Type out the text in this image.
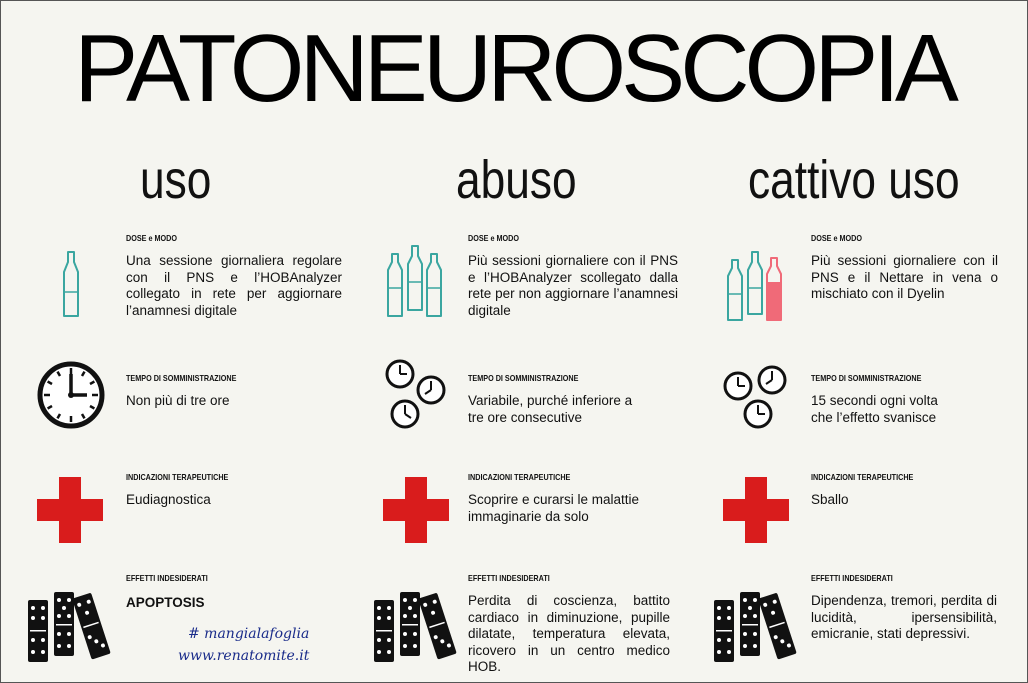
PATONEUROSCOPIA
uso	abuso	cattivo uso
DOSE e MODO
Una sessione giornaliera regolare con il PNS e l’HOBAnalyzer collegato in rete per aggiornare l’anamnesi digitale
TEMPO DI SOMMINISTRAZIONE
Non più di tre ore
INDICAZIONI TERAPEUTICHE
Eudiagnostica
EFFETTI INDESIDERATI
APOPTOSIS
# mangialafoglia
www.renatomite.it
DOSE e MODO
Più sessioni giornaliere con il PNS e l’HOBAnalyzer scollegato dalla rete per non aggiornare l’anamnesi digitale
TEMPO DI SOMMINISTRAZIONE
Variabile, purché inferiore a
tre ore consecutive
INDICAZIONI TERAPEUTICHE
Scoprire e curarsi le malattie immaginarie da solo
EFFETTI INDESIDERATI
Perdita di coscienza, battito cardiaco in diminuzione, pupille dilatate, temperatura elevata, ricovero in un centro medico HOB.
DOSE e MODO
Più sessioni giornaliere con il PNS e il Nettare in vena o mischiato con il Dyelin
TEMPO DI SOMMINISTRAZIONE
15 secondi ogni volta
che l’effetto svanisce
INDICAZIONI TERAPEUTICHE
Sballo
EFFETTI INDESIDERATI
Dipendenza, tremori, perdita di lucidità, ipersensibilità, emicranie, stati depressivi.
